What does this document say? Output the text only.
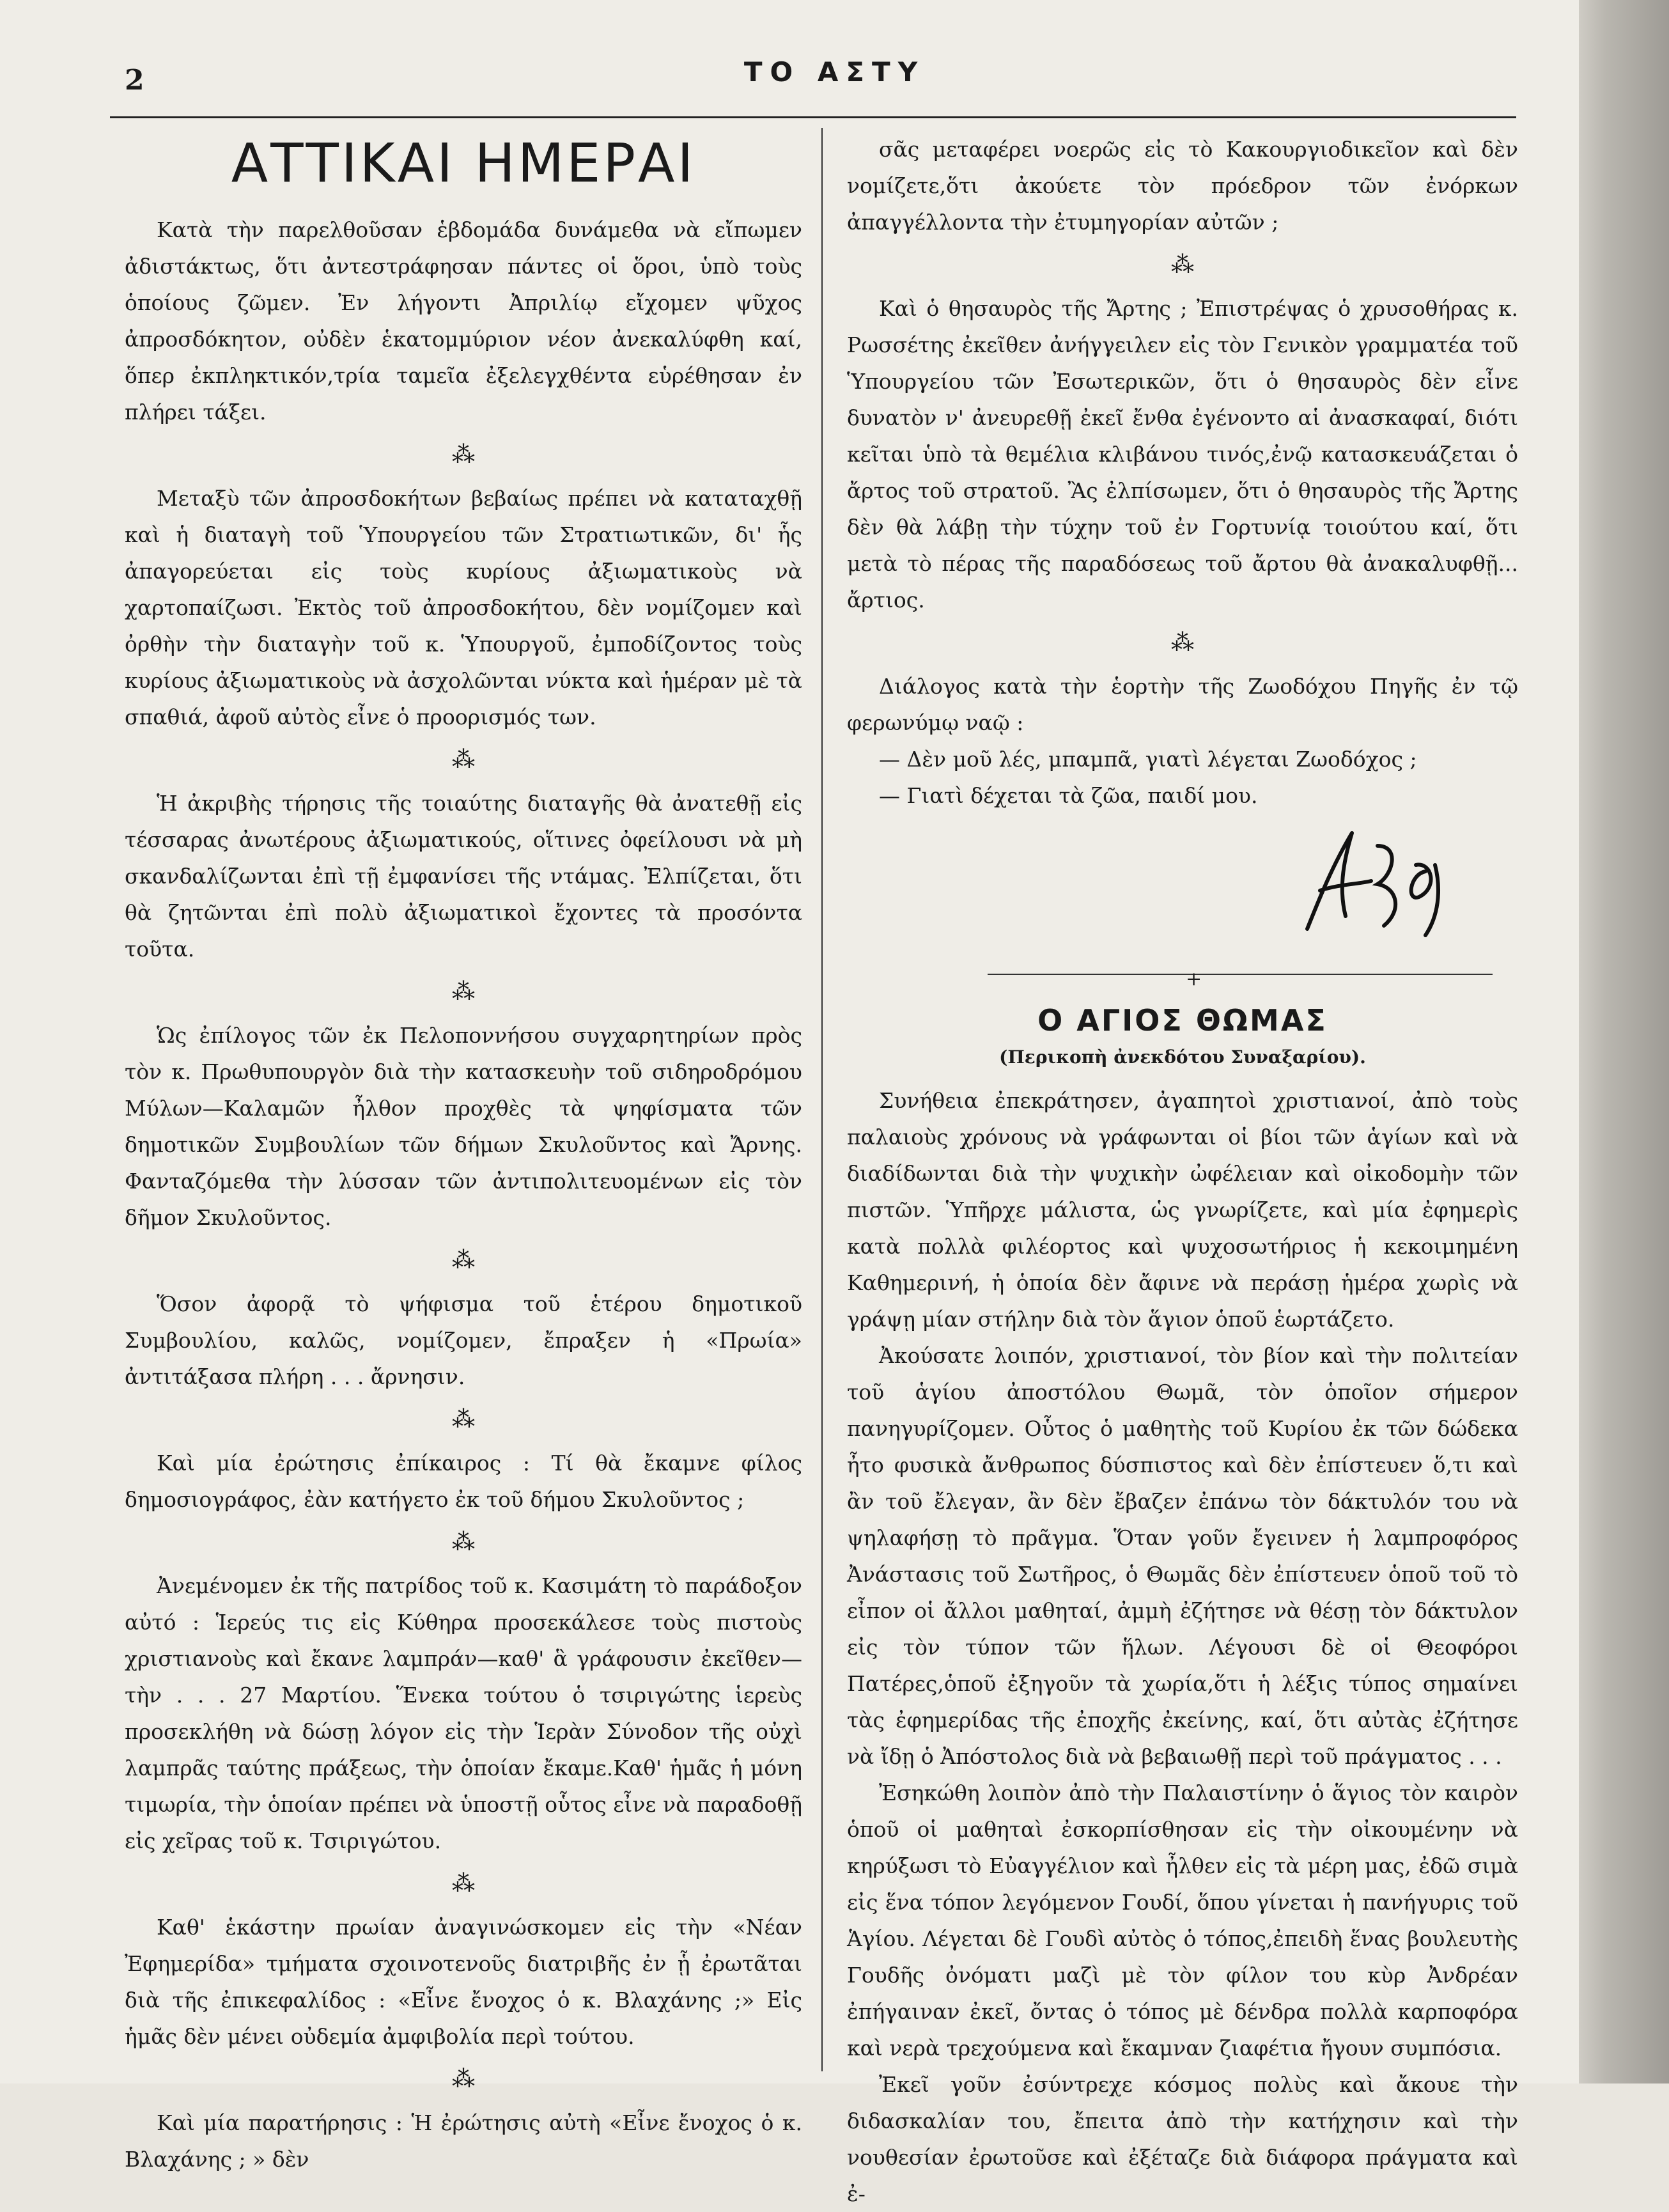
2	ΤΟ ΑΣΤΥ
ΑΤΤΙΚΑΙ ΗΜΕΡΑΙ

Κατὰ τὴν παρελθοῦσαν ἑβδομάδα δυνάμεθα νὰ εἴπωμεν ἀδιστάκτως, ὅτι ἀντεστράφησαν πάντες οἱ ὅροι, ὑπὸ τοὺς ὁποίους ζῶμεν. Ἐν λήγοντι Ἀπριλίῳ εἴχομεν ψῦχος ἀπροσδόκητον, οὐδὲν ἑκατομμύριον νέον ἀνεκαλύφθη καί, ὅπερ ἐκπληκτικόν,τρία ταμεῖα ἐξελεγχθέντα εὑρέθησαν ἐν πλήρει τάξει.

⁂

Μεταξὺ τῶν ἀπροσδοκήτων βεβαίως πρέπει νὰ καταταχθῇ καὶ ἡ διαταγὴ τοῦ Ὑπουργείου τῶν Στρατιωτικῶν, δι' ἧς ἀπαγορεύεται εἰς τοὺς κυρίους ἀξιωματικοὺς νὰ χαρτοπαίζωσι. Ἐκτὸς τοῦ ἀπροσδοκήτου, δὲν νομίζομεν καὶ ὀρθὴν τὴν διαταγὴν τοῦ κ. Ὑπουργοῦ, ἐμποδίζοντος τοὺς κυρίους ἀξιωματικοὺς νὰ ἀσχολῶνται νύκτα καὶ ἡμέραν μὲ τὰ σπαθιά, ἀφοῦ αὐτὸς εἶνε ὁ προορισμός των.

⁂

Ἡ ἀκριβὴς τήρησις τῆς τοιαύτης διαταγῆς θὰ ἀνατεθῇ εἰς τέσσαρας ἀνωτέρους ἀξιωματικούς, οἵτινες ὀφείλουσι νὰ μὴ σκανδαλίζωνται ἐπὶ τῇ ἐμφανίσει τῆς ντάμας. Ἐλπίζεται, ὅτι θὰ ζητῶνται ἐπὶ πολὺ ἀξιωματικοὶ ἔχοντες τὰ προσόντα τοῦτα.

⁂

Ὡς ἐπίλογος τῶν ἐκ Πελοποννήσου συγχαρητηρίων πρὸς τὸν κ. Πρωθυπουργὸν διὰ τὴν κατασκευὴν τοῦ σιδηροδρόμου Μύλων—Καλαμῶν ἦλθον προχθὲς τὰ ψηφίσματα τῶν δημοτικῶν Συμβουλίων τῶν δήμων Σκυλοῦντος καὶ Ἄρνης. Φανταζόμεθα τὴν λύσσαν τῶν ἀντιπολιτευομένων εἰς τὸν δῆμον Σκυλοῦντος.

⁂

Ὅσον ἀφορᾷ τὸ ψήφισμα τοῦ ἑτέρου δημοτικοῦ Συμβουλίου, καλῶς, νομίζομεν, ἔπραξεν ἡ «Πρωία» ἀντιτάξασα πλήρη . . . ἄρνησιν.

⁂

Καὶ μία ἐρώτησις ἐπίκαιρος : Τί θὰ ἔκαμνε φίλος δημοσιογράφος, ἐὰν κατήγετο ἐκ τοῦ δήμου Σκυλοῦντος ;

⁂

Ἀνεμένομεν ἐκ τῆς πατρίδος τοῦ κ. Κασιμάτη τὸ παράδοξον αὐτό : Ἱερεύς τις εἰς Κύθηρα προσεκάλεσε τοὺς πιστοὺς χριστιανοὺς καὶ ἔκανε λαμπράν—καθ' ἃ γράφουσιν ἐκεῖθεν—τὴν . . . 27 Μαρτίου. Ἕνεκα τούτου ὁ τσιριγώτης ἱερεὺς προσεκλήθη νὰ δώσῃ λόγον εἰς τὴν Ἱερὰν Σύνοδον τῆς οὐχὶ λαμπρᾶς ταύτης πράξεως, τὴν ὁποίαν ἔκαμε.Καθ' ἡμᾶς ἡ μόνη τιμωρία, τὴν ὁποίαν πρέπει νὰ ὑποστῇ οὗτος εἶνε νὰ παραδοθῇ εἰς χεῖρας τοῦ κ. Τσιριγώτου.

⁂

Καθ' ἑκάστην πρωίαν ἀναγινώσκομεν εἰς τὴν «Νέαν Ἐφημερίδα» τμήματα σχοινοτενοῦς διατριβῆς ἐν ᾗ ἐρωτᾶται διὰ τῆς ἐπικεφαλίδος : «Εἶνε ἔνοχος ὁ κ. Βλαχάνης ;» Εἰς ἡμᾶς δὲν μένει οὐδεμία ἀμφιβολία περὶ τούτου.

⁂

Καὶ μία παρατήρησις : Ἡ ἐρώτησις αὐτὴ «Εἶνε ἔνοχος ὁ κ. Βλαχάνης ; » δὲν

σᾶς μεταφέρει νοερῶς εἰς τὸ Κακουργιοδικεῖον καὶ δὲν νομίζετε,ὅτι ἀκούετε τὸν πρόεδρον τῶν ἐνόρκων ἀπαγγέλλοντα τὴν ἐτυμηγορίαν αὐτῶν ;

⁂

Καὶ ὁ θησαυρὸς τῆς Ἄρτης ; Ἐπιστρέψας ὁ χρυσοθήρας κ. Ρωσσέτης ἐκεῖθεν ἀνήγγειλεν εἰς τὸν Γενικὸν γραμματέα τοῦ Ὑπουργείου τῶν Ἐσωτερικῶν, ὅτι ὁ θησαυρὸς δὲν εἶνε δυνατὸν ν' ἀνευρεθῇ ἐκεῖ ἔνθα ἐγένοντο αἱ ἀνασκαφαί, διότι κεῖται ὑπὸ τὰ θεμέλια κλιβάνου τινός,ἐνῷ κατασκευάζεται ὁ ἄρτος τοῦ στρατοῦ. Ἂς ἐλπίσωμεν, ὅτι ὁ θησαυρὸς τῆς Ἄρτης δὲν θὰ λάβῃ τὴν τύχην τοῦ ἐν Γορτυνίᾳ τοιούτου καί, ὅτι μετὰ τὸ πέρας τῆς παραδόσεως τοῦ ἄρτου θὰ ἀνακαλυφθῇ... ἄρτιος.

⁂

Διάλογος κατὰ τὴν ἑορτὴν τῆς Ζωοδόχου Πηγῆς ἐν τῷ φερωνύμῳ ναῷ :

— Δὲν μοῦ λές, μπαμπᾶ, γιατὶ λέγεται Ζωοδόχος ;

— Γιατὶ δέχεται τὰ ζῶα, παιδί μου.

+
Ο ΑΓΙΟΣ ΘΩΜΑΣ
(Περικοπὴ ἀνεκδότου Συναξαρίου).

Συνήθεια ἐπεκράτησεν, ἀγαπητοὶ χριστιανοί, ἀπὸ τοὺς παλαιοὺς χρόνους νὰ γράφωνται οἱ βίοι τῶν ἁγίων καὶ νὰ διαδίδωνται διὰ τὴν ψυχικὴν ὠφέλειαν καὶ οἰκοδομὴν τῶν πιστῶν. Ὑπῆρχε μάλιστα, ὡς γνωρίζετε, καὶ μία ἐφημερὶς κατὰ πολλὰ φιλέορτος καὶ ψυχοσωτήριος ἡ κεκοιμημένη Καθημερινή, ἡ ὁποία δὲν ἄφινε νὰ περάσῃ ἡμέρα χωρὶς νὰ γράψῃ μίαν στήλην διὰ τὸν ἅγιον ὁποῦ ἑωρτάζετο.

Ἀκούσατε λοιπόν, χριστιανοί, τὸν βίον καὶ τὴν πολιτείαν τοῦ ἁγίου ἀποστόλου Θωμᾶ, τὸν ὁποῖον σήμερον πανηγυρίζομεν. Οὗτος ὁ μαθητὴς τοῦ Κυρίου ἐκ τῶν δώδεκα ἦτο φυσικὰ ἄνθρωπος δύσπιστος καὶ δὲν ἐπίστευεν ὅ,τι καὶ ἂν τοῦ ἔλεγαν, ἂν δὲν ἔβαζεν ἐπάνω τὸν δάκτυλόν του νὰ ψηλαφήσῃ τὸ πρᾶγμα. Ὅταν γοῦν ἔγεινεν ἡ λαμπροφόρος Ἀνάστασις τοῦ Σωτῆρος, ὁ Θωμᾶς δὲν ἐπίστευεν ὁποῦ τοῦ τὸ εἶπον οἱ ἄλλοι μαθηταί, ἀμμὴ ἐζήτησε νὰ θέσῃ τὸν δάκτυλον εἰς τὸν τύπον τῶν ἥλων. Λέγουσι δὲ οἱ Θεοφόροι Πατέρες,ὁποῦ ἐξηγοῦν τὰ χωρία,ὅτι ἡ λέξις τύπος σημαίνει τὰς ἐφημερίδας τῆς ἐποχῆς ἐκείνης, καί, ὅτι αὐτὰς ἐζήτησε νὰ ἴδῃ ὁ Ἀπόστολος διὰ νὰ βεβαιωθῇ περὶ τοῦ πράγματος . . .

Ἐσηκώθη λοιπὸν ἀπὸ τὴν Παλαιστίνην ὁ ἅγιος τὸν καιρὸν ὁποῦ οἱ μαθηταὶ ἐσκορπίσθησαν εἰς τὴν οἰκουμένην νὰ κηρύξωσι τὸ Εὐαγγέλιον καὶ ἦλθεν εἰς τὰ μέρη μας, ἐδῶ σιμὰ εἰς ἕνα τόπον λεγόμενον Γουδί, ὅπου γίνεται ἡ πανήγυρις τοῦ Ἁγίου. Λέγεται δὲ Γουδὶ αὐτὸς ὁ τόπος,ἐπειδὴ ἕνας βουλευτὴς Γουδῆς ὀνόματι μαζὶ μὲ τὸν φίλον του κὺρ Ἀνδρέαν ἐπήγαιναν ἐκεῖ, ὄντας ὁ τόπος μὲ δένδρα πολλὰ καρποφόρα καὶ νερὰ τρεχούμενα καὶ ἔκαμναν ζιαφέτια ἤγουν συμπόσια.

Ἐκεῖ γοῦν ἐσύντρεχε κόσμος πολὺς καὶ ἄκουε τὴν διδασκαλίαν του, ἔπειτα ἀπὸ τὴν κατήχησιν καὶ τὴν νουθεσίαν ἐρωτοῦσε καὶ ἐξέταζε διὰ διάφορα πράγματα καὶ ἐ-
